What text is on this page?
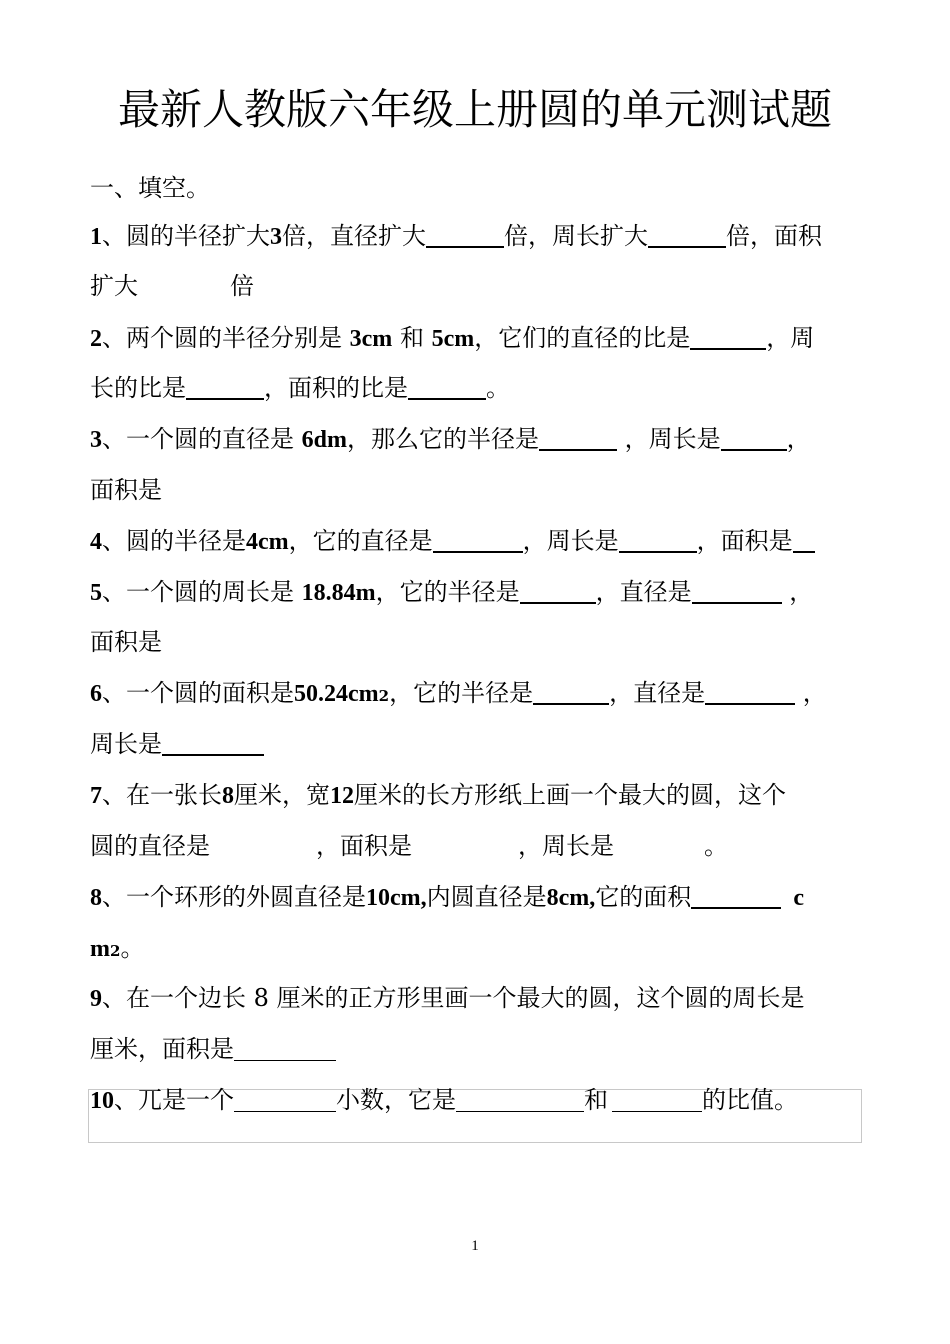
最新人教版六年级上册圆的单元测试题
一、填空。
1、圆的半径扩大3倍，直径扩大	倍，周长扩大	倍，面积
扩大	倍
2、两个圆的半径分别是 3cm 和 5cm，它们的直径的比是	，周
长的比是	，面积的比是	。
3、一个圆的直径是 6dm，那么它的半径是	，周长是	，
面积是
4、圆的半径是4cm，它的直径是	，周长是	，面积是
5、一个圆的周长是 18.84m，它的半径是	，直径是	，
面积是
6、一个圆的面积是50.24cm2，它的半径是	，直径是	，
周长是
7、在一张长8厘米，宽12厘米的长方形纸上画一个最大的圆，这个
圆的直径是	，面积是	，周长是	。
8、一个环形的外圆直径是10cm,内圆直径是8cm,它的面积	c
m2。
9、在一个边长 8 厘米的正方形里画一个最大的圆，这个圆的周长是
厘米，面积是
10、兀是一个	小数，它是	和	的比值。
1
